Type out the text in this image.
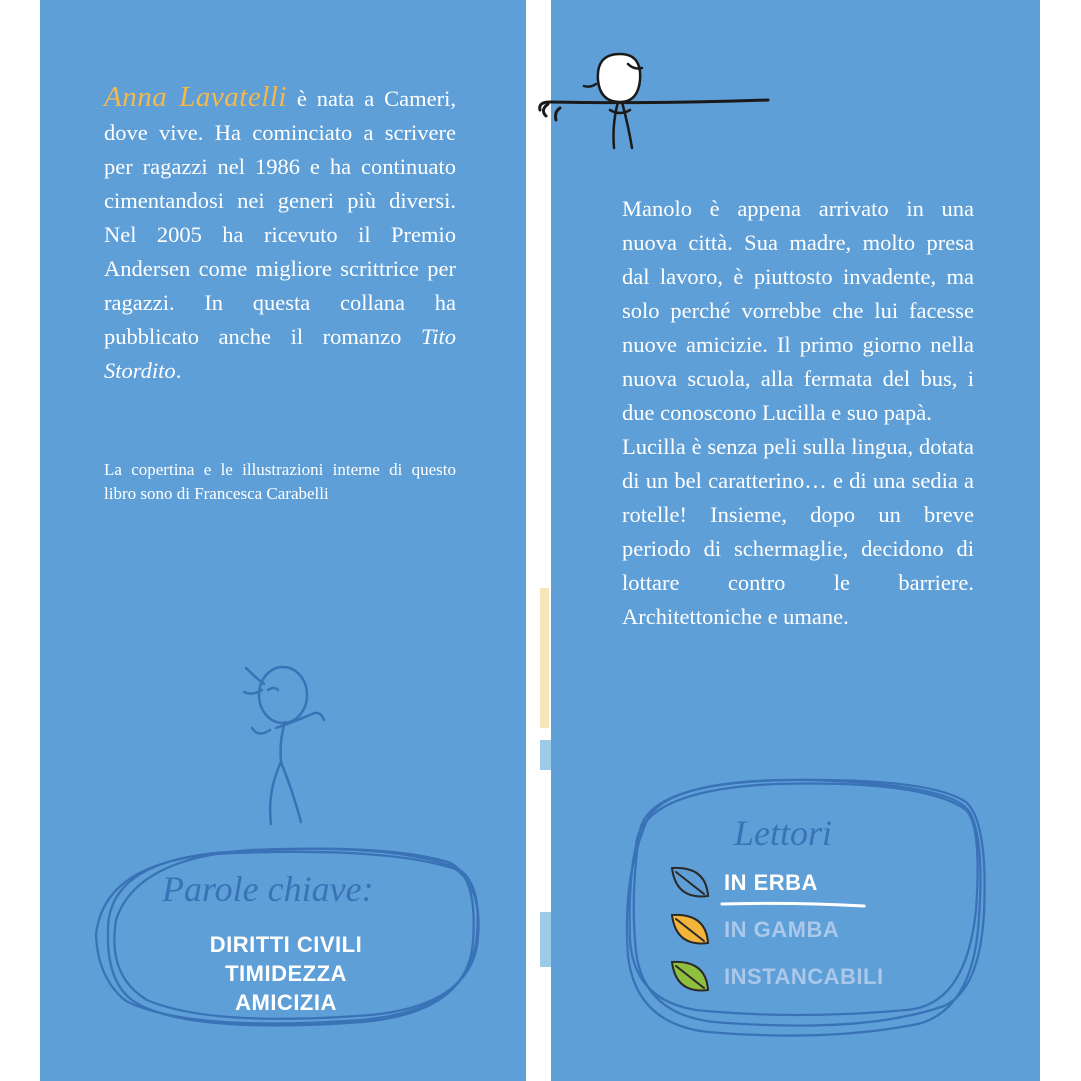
Anna Lavatelli è nata a Cameri, dove vive. Ha cominciato a scrivere per ragazzi nel 1986 e ha continuato cimentandosi nei generi più diversi. Nel 2005 ha ricevuto il Premio Andersen come migliore scrittrice per ragazzi. In questa collana ha pubblicato anche il romanzo Tito Stordito.
La copertina e le illustrazioni interne di questo libro sono di Francesca Carabelli
Parole chiave:
DIRITTI CIVILI
TIMIDEZZA
AMICIZIA
Manolo è appena arrivato in una nuova città. Sua madre, molto presa dal lavoro, è piuttosto invadente, ma solo perché vorrebbe che lui facesse nuove amicizie. Il primo giorno nella nuova scuola, alla fermata del bus, i due conoscono Lucilla e suo papà.
Lucilla è senza peli sulla lingua, dotata di un bel caratterino… e di una sedia a rotelle! Insieme, dopo un breve periodo di schermaglie, decidono di lottare contro le barriere. Architettoniche e umane.
Lettori
IN ERBA
IN GAMBA
INSTANCABILI
